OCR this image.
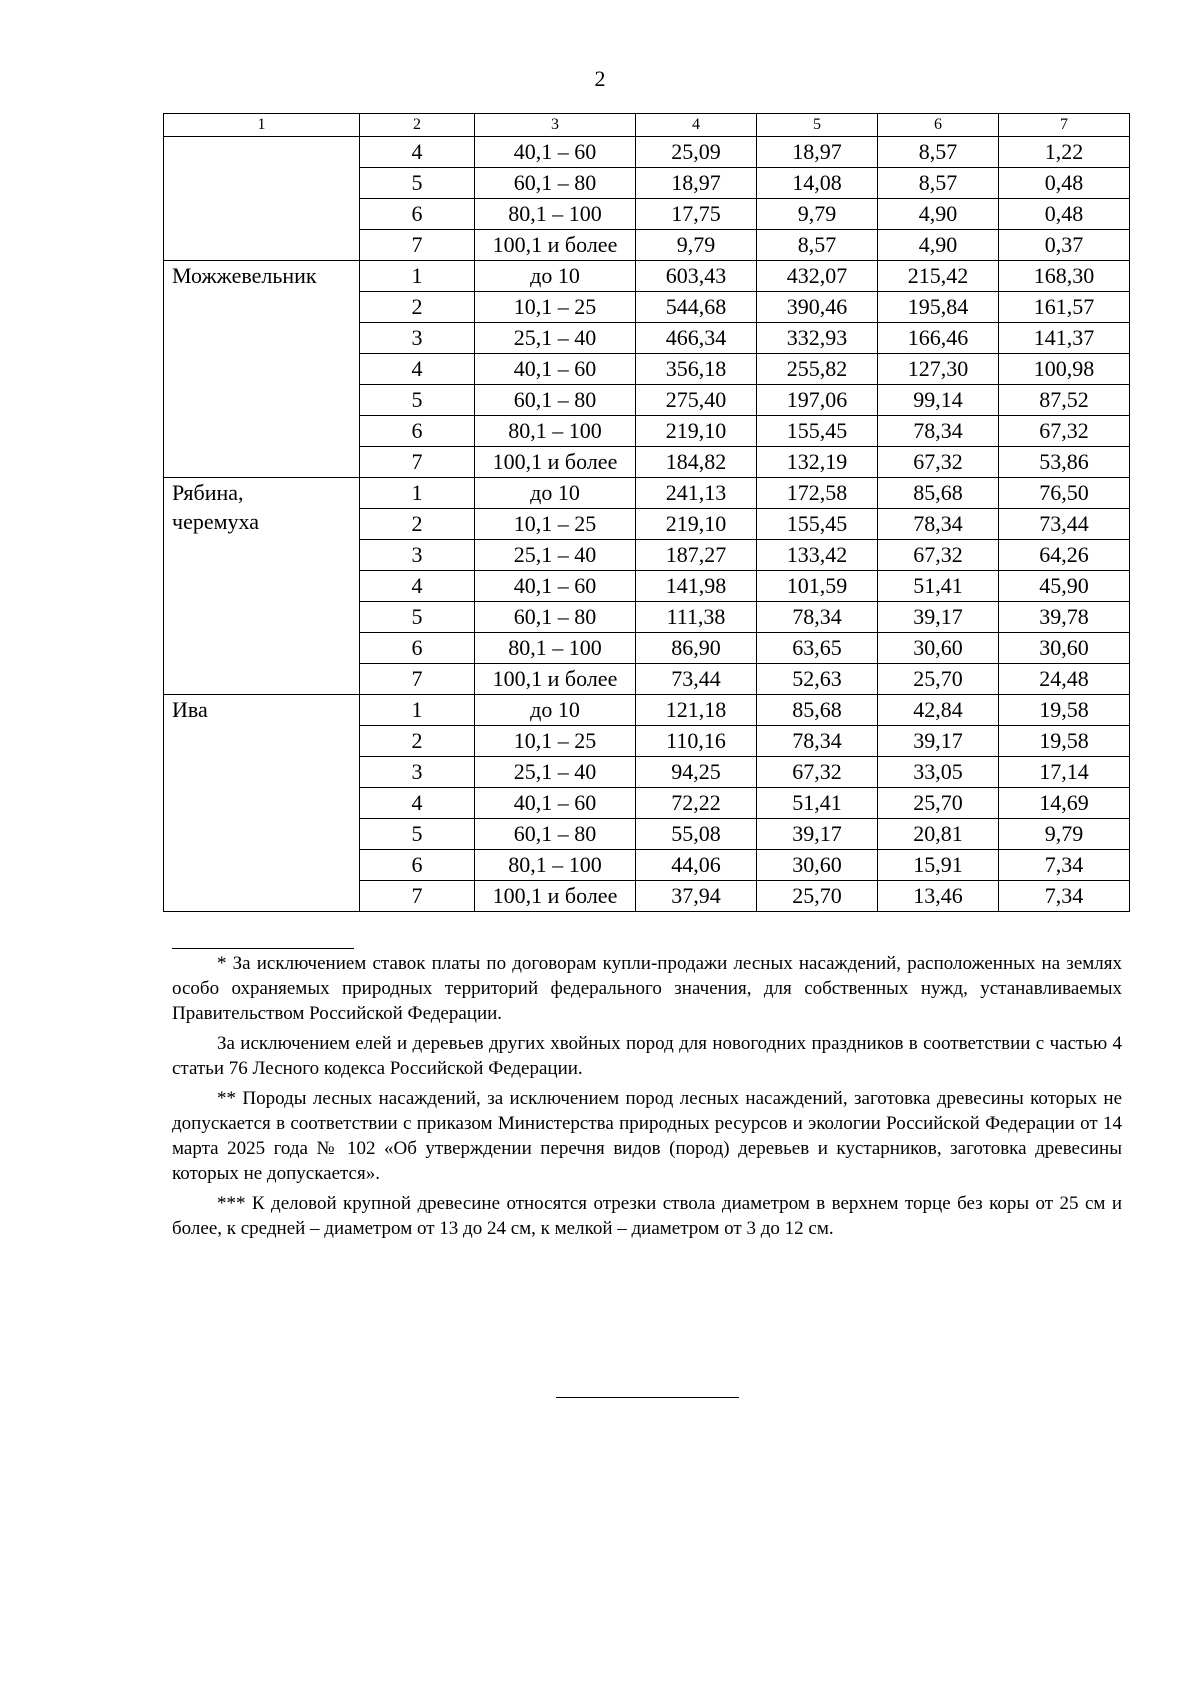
2
1	2	3	4	5	6	7
	4	40,1 – 60	25,09	18,97	8,57	1,22
	5	60,1 – 80	18,97	14,08	8,57	0,48
	6	80,1 – 100	17,75	9,79	4,90	0,48
	7	100,1 и более	9,79	8,57	4,90	0,37
Можжевельник	1	до 10	603,43	432,07	215,42	168,30
	2	10,1 – 25	544,68	390,46	195,84	161,57
	3	25,1 – 40	466,34	332,93	166,46	141,37
	4	40,1 – 60	356,18	255,82	127,30	100,98
	5	60,1 – 80	275,40	197,06	99,14	87,52
	6	80,1 – 100	219,10	155,45	78,34	67,32
	7	100,1 и более	184,82	132,19	67,32	53,86
Рябина,
черемуха	1	до 10	241,13	172,58	85,68	76,50
	2	10,1 – 25	219,10	155,45	78,34	73,44
	3	25,1 – 40	187,27	133,42	67,32	64,26
	4	40,1 – 60	141,98	101,59	51,41	45,90
	5	60,1 – 80	111,38	78,34	39,17	39,78
	6	80,1 – 100	86,90	63,65	30,60	30,60
	7	100,1 и более	73,44	52,63	25,70	24,48
Ива	1	до 10	121,18	85,68	42,84	19,58
	2	10,1 – 25	110,16	78,34	39,17	19,58
	3	25,1 – 40	94,25	67,32	33,05	17,14
	4	40,1 – 60	72,22	51,41	25,70	14,69
	5	60,1 – 80	55,08	39,17	20,81	9,79
	6	80,1 – 100	44,06	30,60	15,91	7,34
	7	100,1 и более	37,94	25,70	13,46	7,34

* За исключением ставок платы по договорам купли-продажи лесных насаждений, расположенных на землях особо охраняемых природных территорий федерального значения, для собственных нужд, устанавливаемых Правительством Российской Федерации.

За исключением елей и деревьев других хвойных пород для новогодних праздников в соответствии с частью 4 статьи 76 Лесного кодекса Российской Федерации.

** Породы лесных насаждений, за исключением пород лесных насаждений, заготовка древесины которых не допускается в соответствии с приказом Министерства природных ресурсов и экологии Российской Федерации от 14 марта 2025 года № 102 «Об утверждении перечня видов (пород) деревьев и кустарников, заготовка древесины которых не допускается».

*** К деловой крупной древесине относятся отрезки ствола диаметром в верхнем торце без коры от 25 см и более, к средней – диаметром от 13 до 24 см, к мелкой – диаметром от 3 до 12 см.
